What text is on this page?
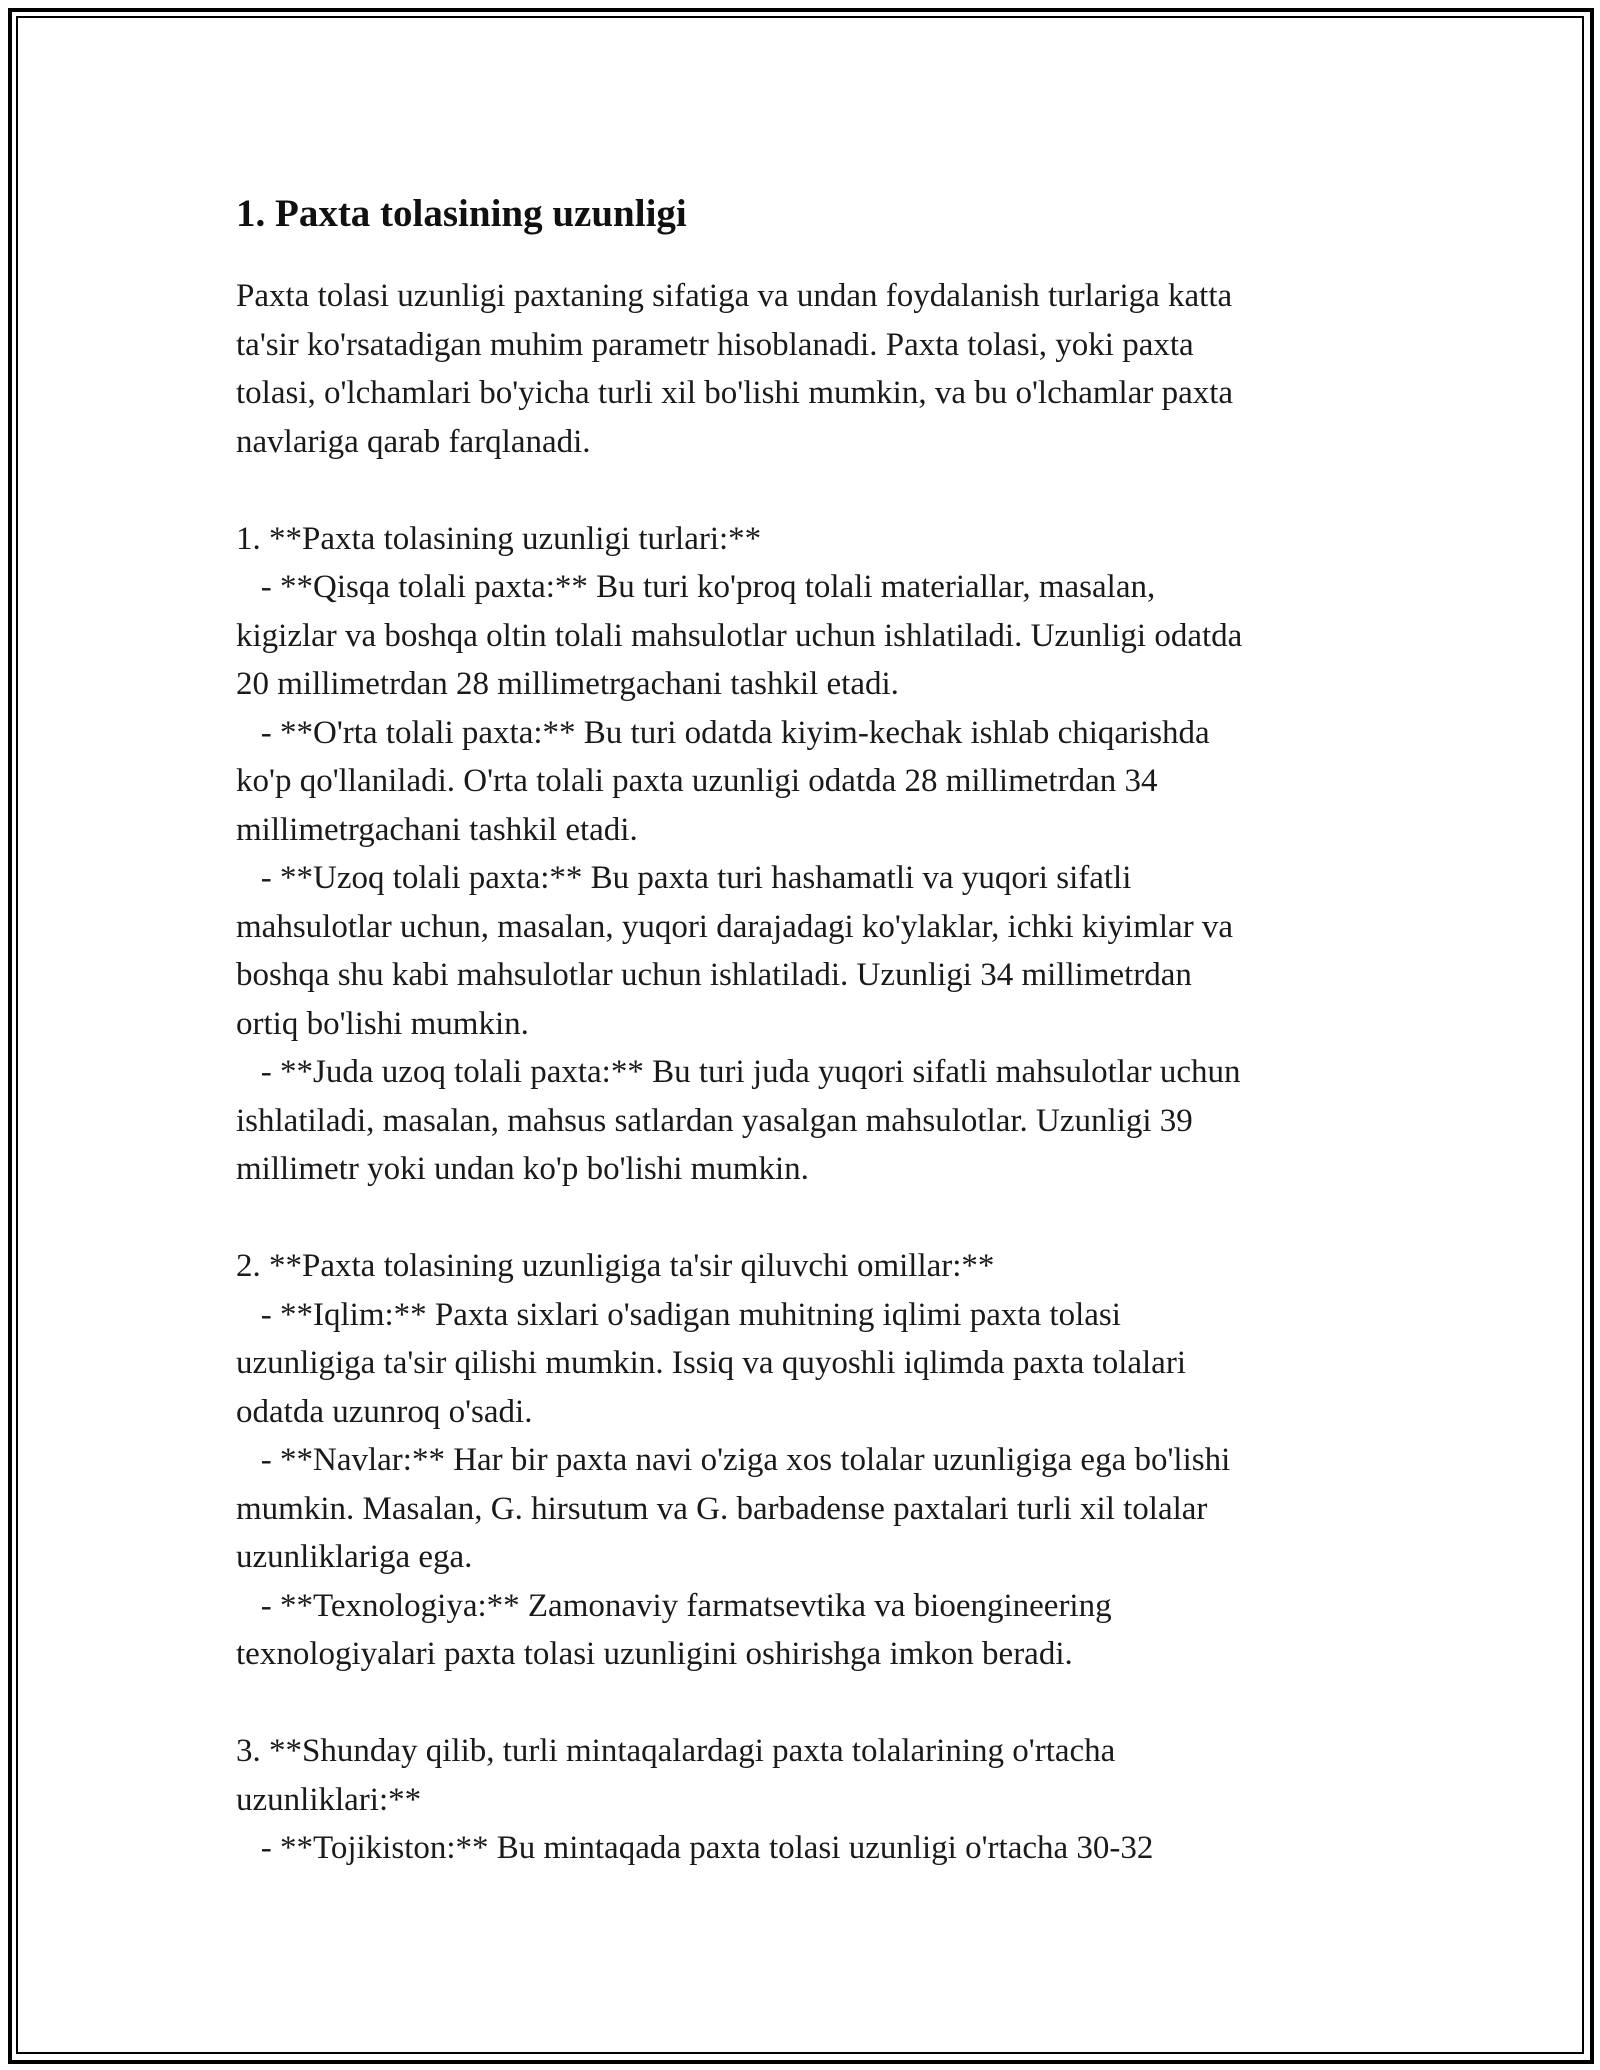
1. Paxta tolasining uzunligi
Paxta tolasi uzunligi paxtaning sifatiga va undan foydalanish turlariga katta
ta'sir ko'rsatadigan muhim parametr hisoblanadi. Paxta tolasi, yoki paxta
tolasi, o'lchamlari bo'yicha turli xil bo'lishi mumkin, va bu o'lchamlar paxta
navlariga qarab farqlanadi.
1. **Paxta tolasining uzunligi turlari:**
- **Qisqa tolali paxta:** Bu turi ko'proq tolali materiallar, masalan,
kigizlar va boshqa oltin tolali mahsulotlar uchun ishlatiladi. Uzunligi odatda
20 millimetrdan 28 millimetrgachani tashkil etadi.
- **O'rta tolali paxta:** Bu turi odatda kiyim-kechak ishlab chiqarishda
ko'p qo'llaniladi. O'rta tolali paxta uzunligi odatda 28 millimetrdan 34
millimetrgachani tashkil etadi.
- **Uzoq tolali paxta:** Bu paxta turi hashamatli va yuqori sifatli
mahsulotlar uchun, masalan, yuqori darajadagi ko'ylaklar, ichki kiyimlar va
boshqa shu kabi mahsulotlar uchun ishlatiladi. Uzunligi 34 millimetrdan
ortiq bo'lishi mumkin.
- **Juda uzoq tolali paxta:** Bu turi juda yuqori sifatli mahsulotlar uchun
ishlatiladi, masalan, mahsus satlardan yasalgan mahsulotlar. Uzunligi 39
millimetr yoki undan ko'p bo'lishi mumkin.
2. **Paxta tolasining uzunligiga ta'sir qiluvchi omillar:**
- **Iqlim:** Paxta sixlari o'sadigan muhitning iqlimi paxta tolasi
uzunligiga ta'sir qilishi mumkin. Issiq va quyoshli iqlimda paxta tolalari
odatda uzunroq o'sadi.
- **Navlar:** Har bir paxta navi o'ziga xos tolalar uzunligiga ega bo'lishi
mumkin. Masalan, G. hirsutum va G. barbadense paxtalari turli xil tolalar
uzunliklariga ega.
- **Texnologiya:** Zamonaviy farmatsevtika va bioengineering
texnologiyalari paxta tolasi uzunligini oshirishga imkon beradi.
3. **Shunday qilib, turli mintaqalardagi paxta tolalarining o'rtacha
uzunliklari:**
- **Tojikiston:** Bu mintaqada paxta tolasi uzunligi o'rtacha 30-32
